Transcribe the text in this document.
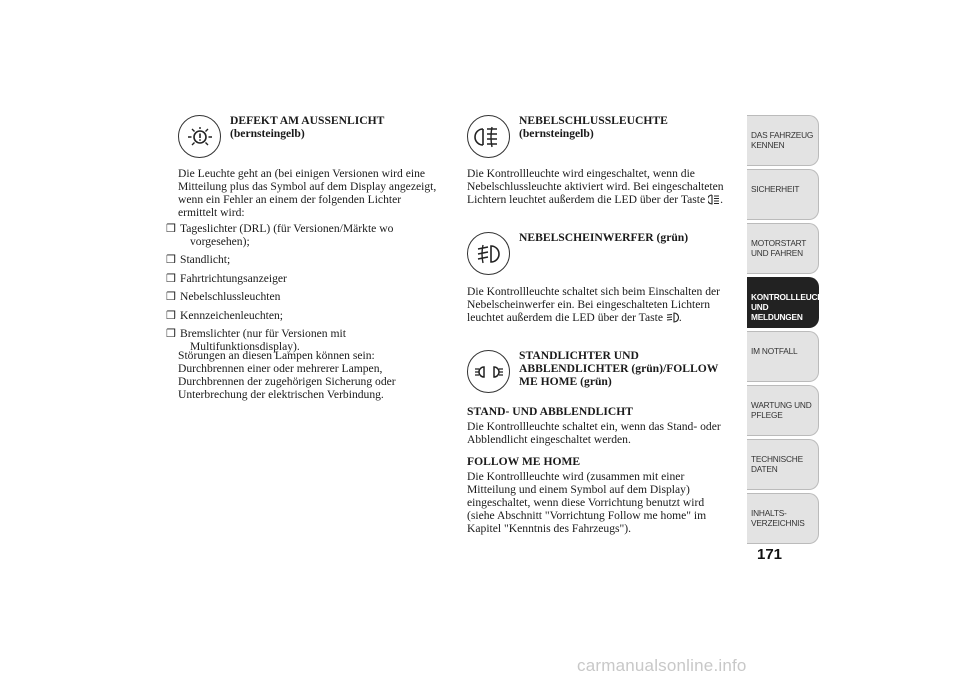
DEFEKT AM AUSSENLICHT (bernsteingelb)

Die Leuchte geht an (bei einigen Versionen wird eine Mitteilung plus das Symbol auf dem Display angezeigt, wenn ein Fehler an einem der folgenden Lichter ermittelt wird:

❒ Tageslichter (DRL) (für Versionen/Märkte wo vorgesehen);
❒ Standlicht;
❒ Fahrtrichtungsanzeiger
❒ Nebelschlussleuchten
❒ Kennzeichenleuchten;
❒ Bremslichter (nur für Versionen mit Multifunktionsdisplay).

Störungen an diesen Lampen können sein: Durchbrennen einer oder mehrerer Lampen, Durchbrennen der zugehörigen Sicherung oder Unterbrechung der elektrischen Verbindung.

NEBELSCHLUSSLEUCHTE (bernsteingelb)

Die Kontrollleuchte wird eingeschaltet, wenn die Nebelschlussleuchte aktiviert wird. Bei eingeschalteten Lichtern leuchtet außerdem die LED über der Taste .

NEBELSCHEINWERFER (grün)

Die Kontrollleuchte schaltet sich beim Einschalten der Nebelscheinwerfer ein. Bei eingeschalteten Lichtern leuchtet außerdem die LED über der Taste .

STANDLICHTER UND ABBLENDLICHTER (grün)/FOLLOW ME HOME (grün)
STAND- UND ABBLENDLICHT

Die Kontrollleuchte schaltet ein, wenn das Stand- oder Abblendlicht eingeschaltet werden.

FOLLOW ME HOME

Die Kontrollleuchte wird (zusammen mit einer Mitteilung und einem Symbol auf dem Display) eingeschaltet, wenn diese Vorrichtung benutzt wird (siehe Abschnitt "Vorrichtung Follow me home" im Kapitel "Kenntnis des Fahrzeugs").

DAS FAHRZEUG KENNEN
SICHERHEIT
MOTORSTART UND FAHREN
KONTROLLLEUCHTEN UND MELDUNGEN
IM NOTFALL
WARTUNG UND PFLEGE
TECHNISCHE DATEN
INHALTS-VERZEICHNIS
171
carmanualsonline.info
